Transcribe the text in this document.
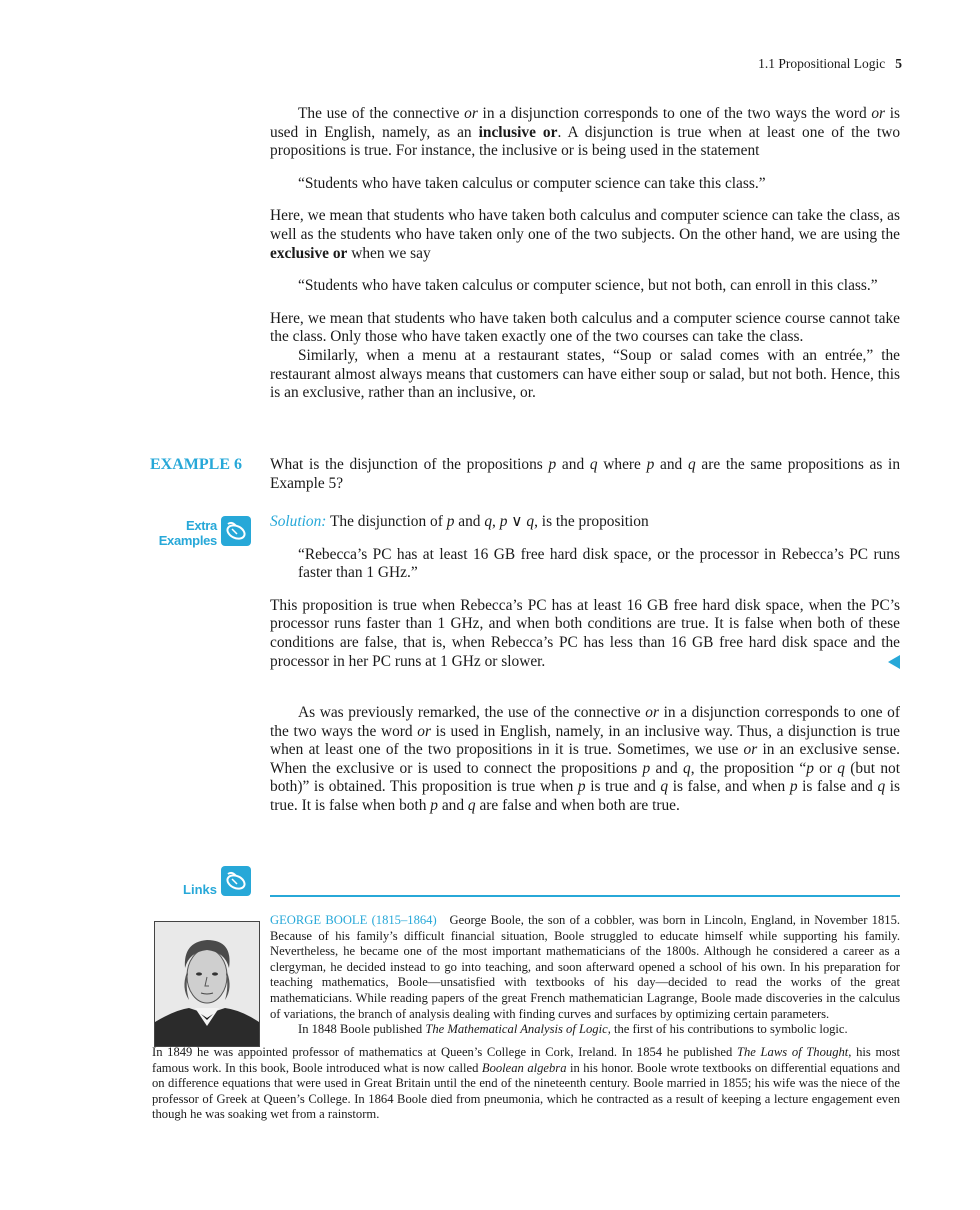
1.1 Propositional Logic 5

The use of the connective or in a disjunction corresponds to one of the two ways the word or is used in English, namely, as an inclusive or. A disjunction is true when at least one of the two propositions is true. For instance, the inclusive or is being used in the statement

“Students who have taken calculus or computer science can take this class.”

Here, we mean that students who have taken both calculus and computer science can take the class, as well as the students who have taken only one of the two subjects. On the other hand, we are using the exclusive or when we say

“Students who have taken calculus or computer science, but not both, can enroll in this class.”

Here, we mean that students who have taken both calculus and a computer science course cannot take the class. Only those who have taken exactly one of the two courses can take the class.

Similarly, when a menu at a restaurant states, “Soup or salad comes with an entrée,” the restaurant almost always means that customers can have either soup or salad, but not both. Hence, this is an exclusive, rather than an inclusive, or.

EXAMPLE 6	What is the disjunction of the propositions p and q where p and q are the same propositions as in Example 5?

Extra
Examples

Solution: The disjunction of p and q, p ∨ q, is the proposition

“Rebecca’s PC has at least 16 GB free hard disk space, or the processor in Rebecca’s PC runs faster than 1 GHz.”

This proposition is true when Rebecca’s PC has at least 16 GB free hard disk space, when the PC’s processor runs faster than 1 GHz, and when both conditions are true. It is false when both of these conditions are false, that is, when Rebecca’s PC has less than 16 GB free hard disk space and the processor in her PC runs at 1 GHz or slower.

As was previously remarked, the use of the connective or in a disjunction corresponds to one of the two ways the word or is used in English, namely, in an inclusive way. Thus, a disjunction is true when at least one of the two propositions in it is true. Sometimes, we use or in an exclusive sense. When the exclusive or is used to connect the propositions p and q, the proposition “p or q (but not both)” is obtained. This proposition is true when p is true and q is false, and when p is false and q is true. It is false when both p and q are false and when both are true.

Links

GEORGE BOOLE (1815–1864) George Boole, the son of a cobbler, was born in Lincoln, England, in November 1815. Because of his family’s difficult financial situation, Boole struggled to educate himself while supporting his family. Nevertheless, he became one of the most important mathematicians of the 1800s. Although he considered a career as a clergyman, he decided instead to go into teaching, and soon afterward opened a school of his own. In his preparation for teaching mathematics, Boole—unsatisfied with textbooks of his day—decided to read the works of the great mathematicians. While reading papers of the great French mathematician Lagrange, Boole made discoveries in the calculus of variations, the branch of analysis dealing with finding curves and surfaces by optimizing certain parameters.

In 1848 Boole published The Mathematical Analysis of Logic, the first of his contributions to symbolic logic.

In 1849 he was appointed professor of mathematics at Queen’s College in Cork, Ireland. In 1854 he published The Laws of Thought, his most famous work. In this book, Boole introduced what is now called Boolean algebra in his honor. Boole wrote textbooks on differential equations and on difference equations that were used in Great Britain until the end of the nineteenth century. Boole married in 1855; his wife was the niece of the professor of Greek at Queen’s College. In 1864 Boole died from pneumonia, which he contracted as a result of keeping a lecture engagement even though he was soaking wet from a rainstorm.
